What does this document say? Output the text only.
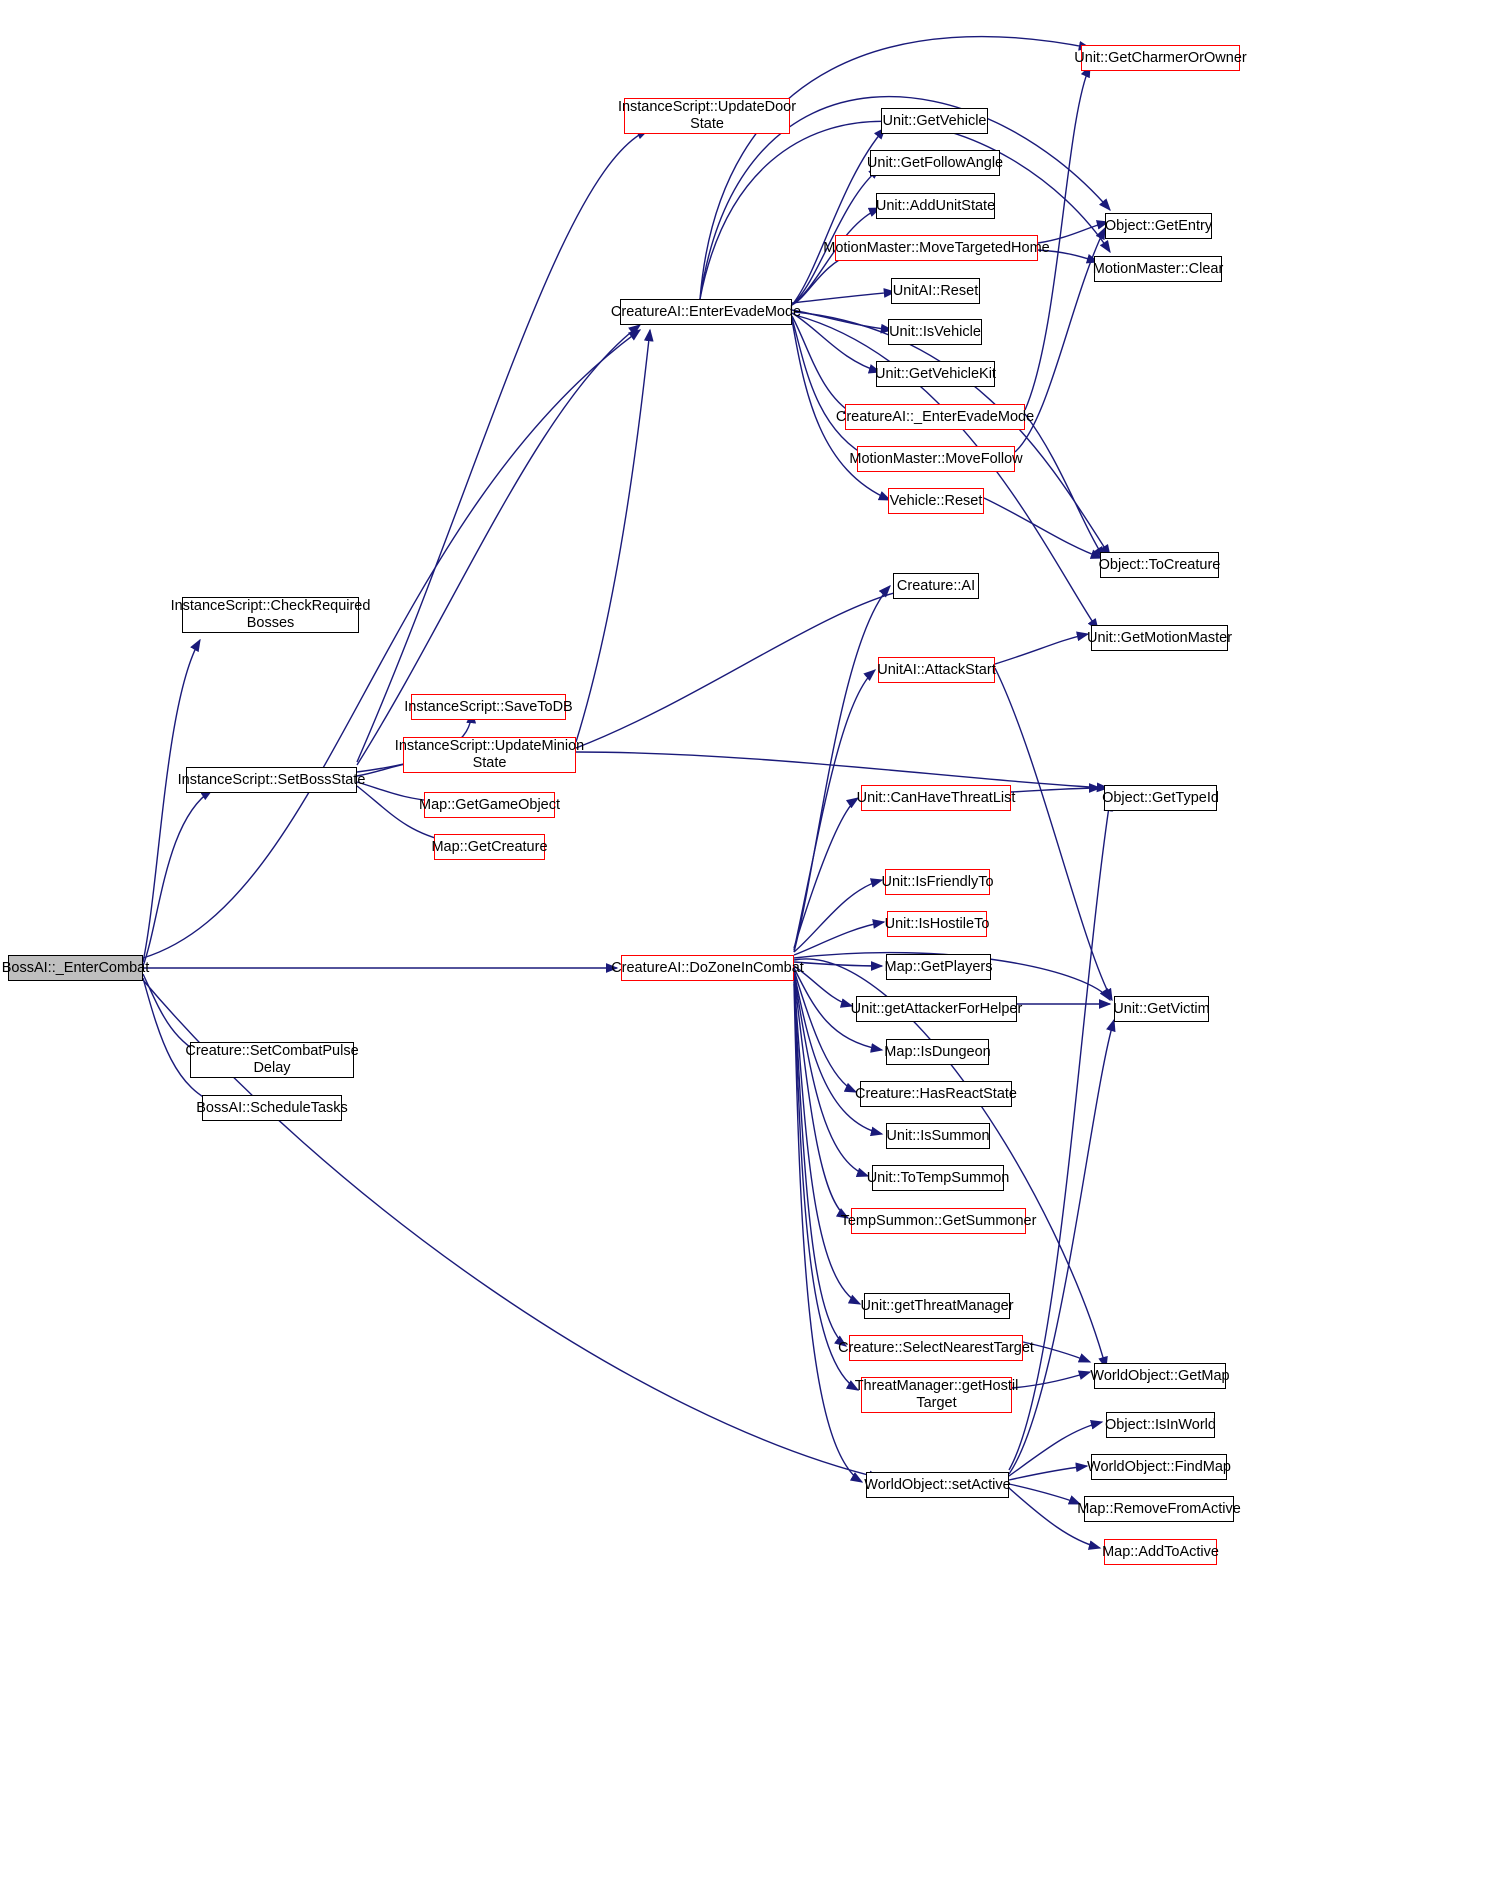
BossAI::_EnterCombat
InstanceScript::CheckRequired
Bosses
InstanceScript::SetBossState
Creature::SetCombatPulse
Delay
BossAI::ScheduleTasks
InstanceScript::UpdateDoor
State
InstanceScript::SaveToDB
InstanceScript::UpdateMinion
State
Map::GetGameObject
Map::GetCreature
CreatureAI::EnterEvadeMode
CreatureAI::DoZoneInCombat
Unit::GetVehicle
Unit::GetFollowAngle
Unit::AddUnitState
MotionMaster::MoveTargetedHome
UnitAI::Reset
Unit::IsVehicle
Unit::GetVehicleKit
CreatureAI::_EnterEvadeMode
MotionMaster::MoveFollow
Vehicle::Reset
Unit::GetCharmerOrOwner
Object::GetEntry
MotionMaster::Clear
Object::ToCreature
Creature::AI
Unit::GetMotionMaster
UnitAI::AttackStart
Unit::CanHaveThreatList	Object::GetTypeId
Unit::IsFriendlyTo
Unit::IsHostileTo
Map::GetPlayers
Unit::getAttackerForHelper	Unit::GetVictim
Map::IsDungeon
Creature::HasReactState
Unit::IsSummon
Unit::ToTempSummon
TempSummon::GetSummoner
Unit::getThreatManager
Creature::SelectNearestTarget
ThreatManager::getHostil
Target
WorldObject::GetMap
Object::IsInWorld
WorldObject::FindMap
Map::RemoveFromActive
Map::AddToActive
WorldObject::setActive
